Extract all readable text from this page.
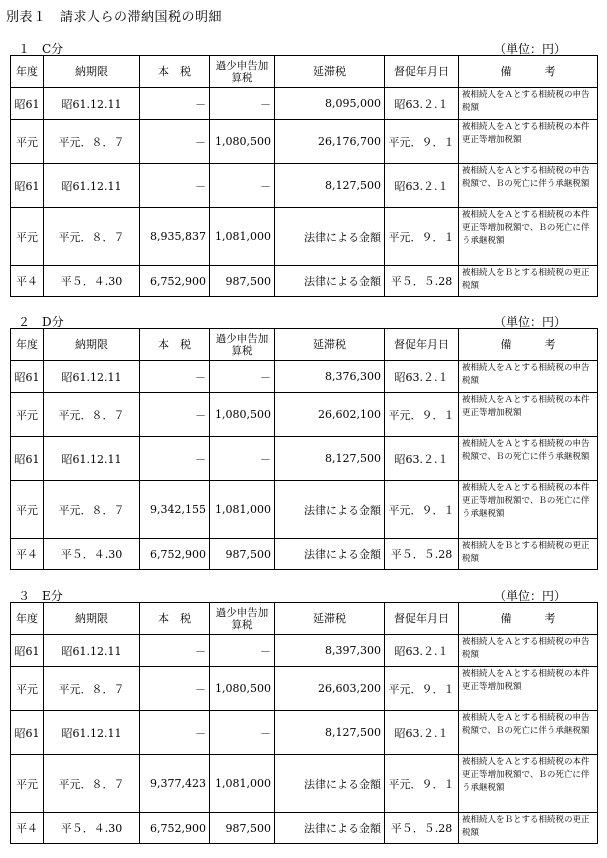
別表１　請求人らの滞納国税の明細
１　C分	（単位：円）
年度	納期限	本　税	過少申告加算税	延滞税	督促年月日	備　　　考
昭61	昭61.12.11	－	－	8,095,000	昭63.２.１	被相続人をＡとする相続税の申告税額
平元	平元．８．７	－	1,080,500	26,176,700	平元．９．１	被相続人をＡとする相続税の本件更正等増加税額
昭61	昭61.12.11	－	－	8,127,500	昭63.２.１	被相続人をＡとする相続税の申告税額で、Ｂの死亡に伴う承継税額
平元	平元．８．７	8,935,837	1,081,000	法律による金額	平元．９．１	被相続人をＡとする相続税の本件更正等増加税額で、Ｂの死亡に伴う承継税額
平４	平５．４.30	6,752,900	987,500	法律による金額	平５．５.28	被相続人をＢとする相続税の更正税額
２　D分	（単位：円）
年度	納期限	本　税	過少申告加算税	延滞税	督促年月日	備　　　考
昭61	昭61.12.11	－	－	8,376,300	昭63.２.１	被相続人をＡとする相続税の申告税額
平元	平元．８．７	－	1,080,500	26,602,100	平元．９．１	被相続人をＡとする相続税の本件更正等増加税額
昭61	昭61.12.11	－	－	8,127,500	昭63.２.１	被相続人をＡとする相続税の申告税額で、Ｂの死亡に伴う承継税額
平元	平元．８．７	9,342,155	1,081,000	法律による金額	平元．９．１	被相続人をＡとする相続税の本件更正等増加税額で、Ｂの死亡に伴う承継税額
平４	平５．４.30	6,752,900	987,500	法律による金額	平５．５.28	被相続人をＢとする相続税の更正税額
３　E分	（単位：円）
年度	納期限	本　税	過少申告加算税	延滞税	督促年月日	備　　　考
昭61	昭61.12.11	－	－	8,397,300	昭63.２.１	被相続人をＡとする相続税の申告税額
平元	平元．８．７	－	1,080,500	26,603,200	平元．９．１	被相続人をＡとする相続税の本件更正等増加税額
昭61	昭61.12.11	－	－	8,127,500	昭63.２.１	被相続人をＡとする相続税の申告税額で、Ｂの死亡に伴う承継税額
平元	平元．８．７	9,377,423	1,081,000	法律による金額	平元．９．１	被相続人をＡとする相続税の本件更正等増加税額で、Ｂの死亡に伴う承継税額
平４	平５．４.30	6,752,900	987,500	法律による金額	平５．５.28	被相続人をＢとする相続税の更正税額
